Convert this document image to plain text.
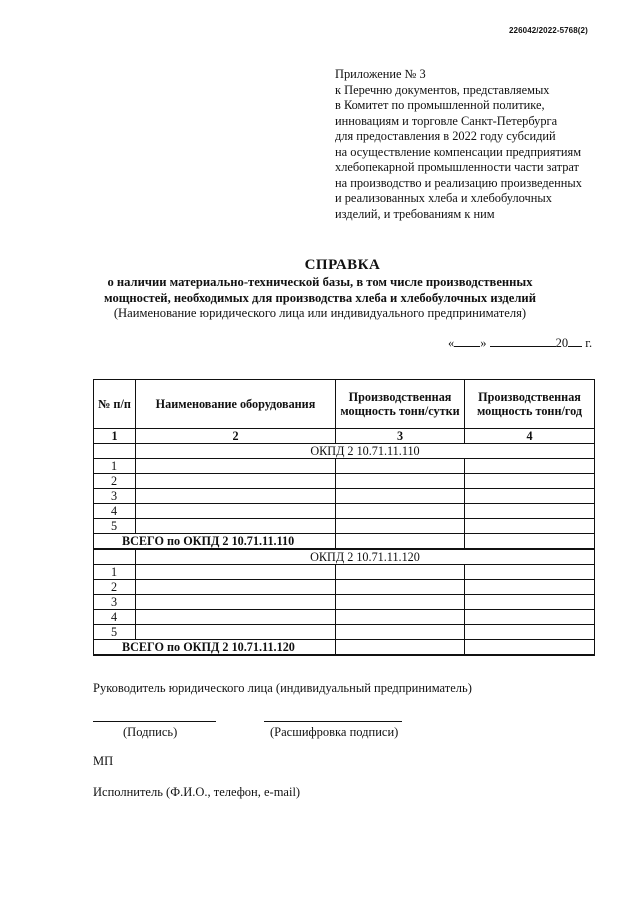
226042/2022-5768(2)
Приложение № 3
к Перечню документов, представляемых
в Комитет по промышленной политике,
инновациям и торговле Санкт-Петербурга
для предоставления в 2022 году субсидий
на осуществление компенсации предприятиям
хлебопекарной промышленности части затрат
на производство и реализацию произведенных
и реализованных хлеба и хлебобулочных
изделий, и требованиям к ним
СПРАВКА
о наличии материально-технической базы, в том числе производственных
мощностей, необходимых для производства хлеба и хлебобулочных изделий
(Наименование юридического лица или индивидуального предпринимателя)
« »	20 г.
№ п/п	Наименование оборудования	Производственная мощность тонн/сутки	Производственная мощность тонн/год
1	2	3	4
	ОКПД 2 10.71.11.110		
1			
2			
3			
4			
5			
ВСЕГО по ОКПД 2 10.71.11.110			
	ОКПД 2 10.71.11.120		
1			
2			
3			
4			
5			
ВСЕГО по ОКПД 2 10.71.11.120			
Руководитель юридического лица (индивидуальный предприниматель)
(Подпись)	(Расшифровка подписи)
МП
Исполнитель (Ф.И.О., телефон, e-mail)
